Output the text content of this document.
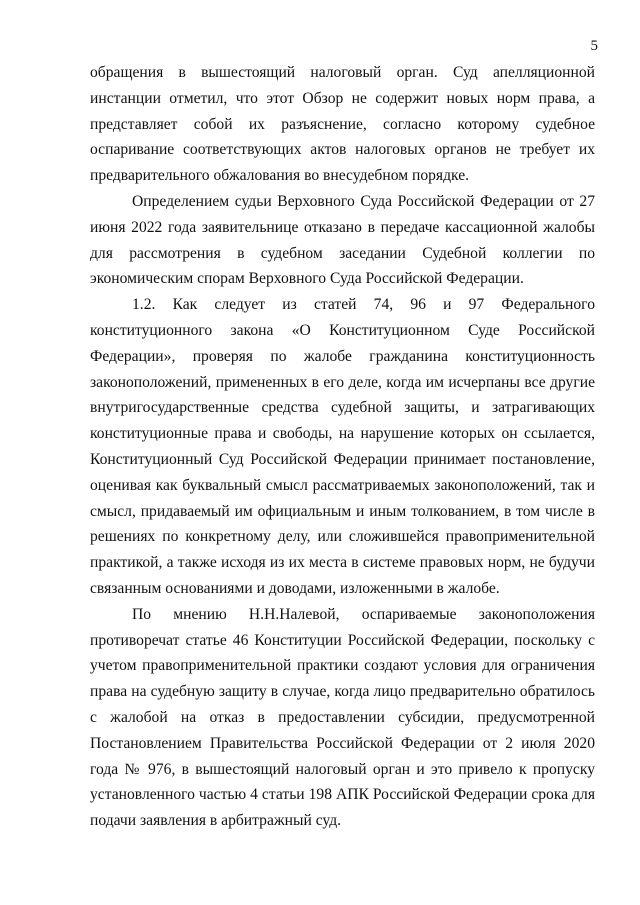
5

обращения в вышестоящий налоговый орган. Суд апелляционной инстанции отметил, что этот Обзор не содержит новых норм права, а представляет собой их разъяснение, согласно которому судебное оспаривание соответствующих актов налоговых органов не требует их предварительного обжалования во внесудебном порядке.

Определением судьи Верховного Суда Российской Федерации от 27 июня 2022 года заявительнице отказано в передаче кассационной жалобы для рассмотрения в судебном заседании Судебной коллегии по экономическим спорам Верховного Суда Российской Федерации.

1.2. Как следует из статей 74, 96 и 97 Федерального конституционного закона «О Конституционном Суде Российской Федерации», проверяя по жалобе гражданина конституционность законоположений, примененных в его деле, когда им исчерпаны все другие внутригосударственные средства судебной защиты, и затрагивающих конституционные права и свободы, на нарушение которых он ссылается, Конституционный Суд Российской Федерации принимает постановление, оценивая как буквальный смысл рассматриваемых законоположений, так и смысл, придаваемый им официальным и иным толкованием, в том числе в решениях по конкретному делу, или сложившейся правоприменительной практикой, а также исходя из их места в системе правовых норм, не будучи связанным основаниями и доводами, изложенными в жалобе.

По мнению Н.Н.Налевой, оспариваемые законоположения противоречат статье 46 Конституции Российской Федерации, поскольку с учетом правоприменительной практики создают условия для ограничения права на судебную защиту в случае, когда лицо предварительно обратилось с жалобой на отказ в предоставлении субсидии, предусмотренной Постановлением Правительства Российской Федерации от 2 июля 2020 года № 976, в вышестоящий налоговый орган и это привело к пропуску установленного частью 4 статьи 198 АПК Российской Федерации срока для подачи заявления в арбитражный суд.
